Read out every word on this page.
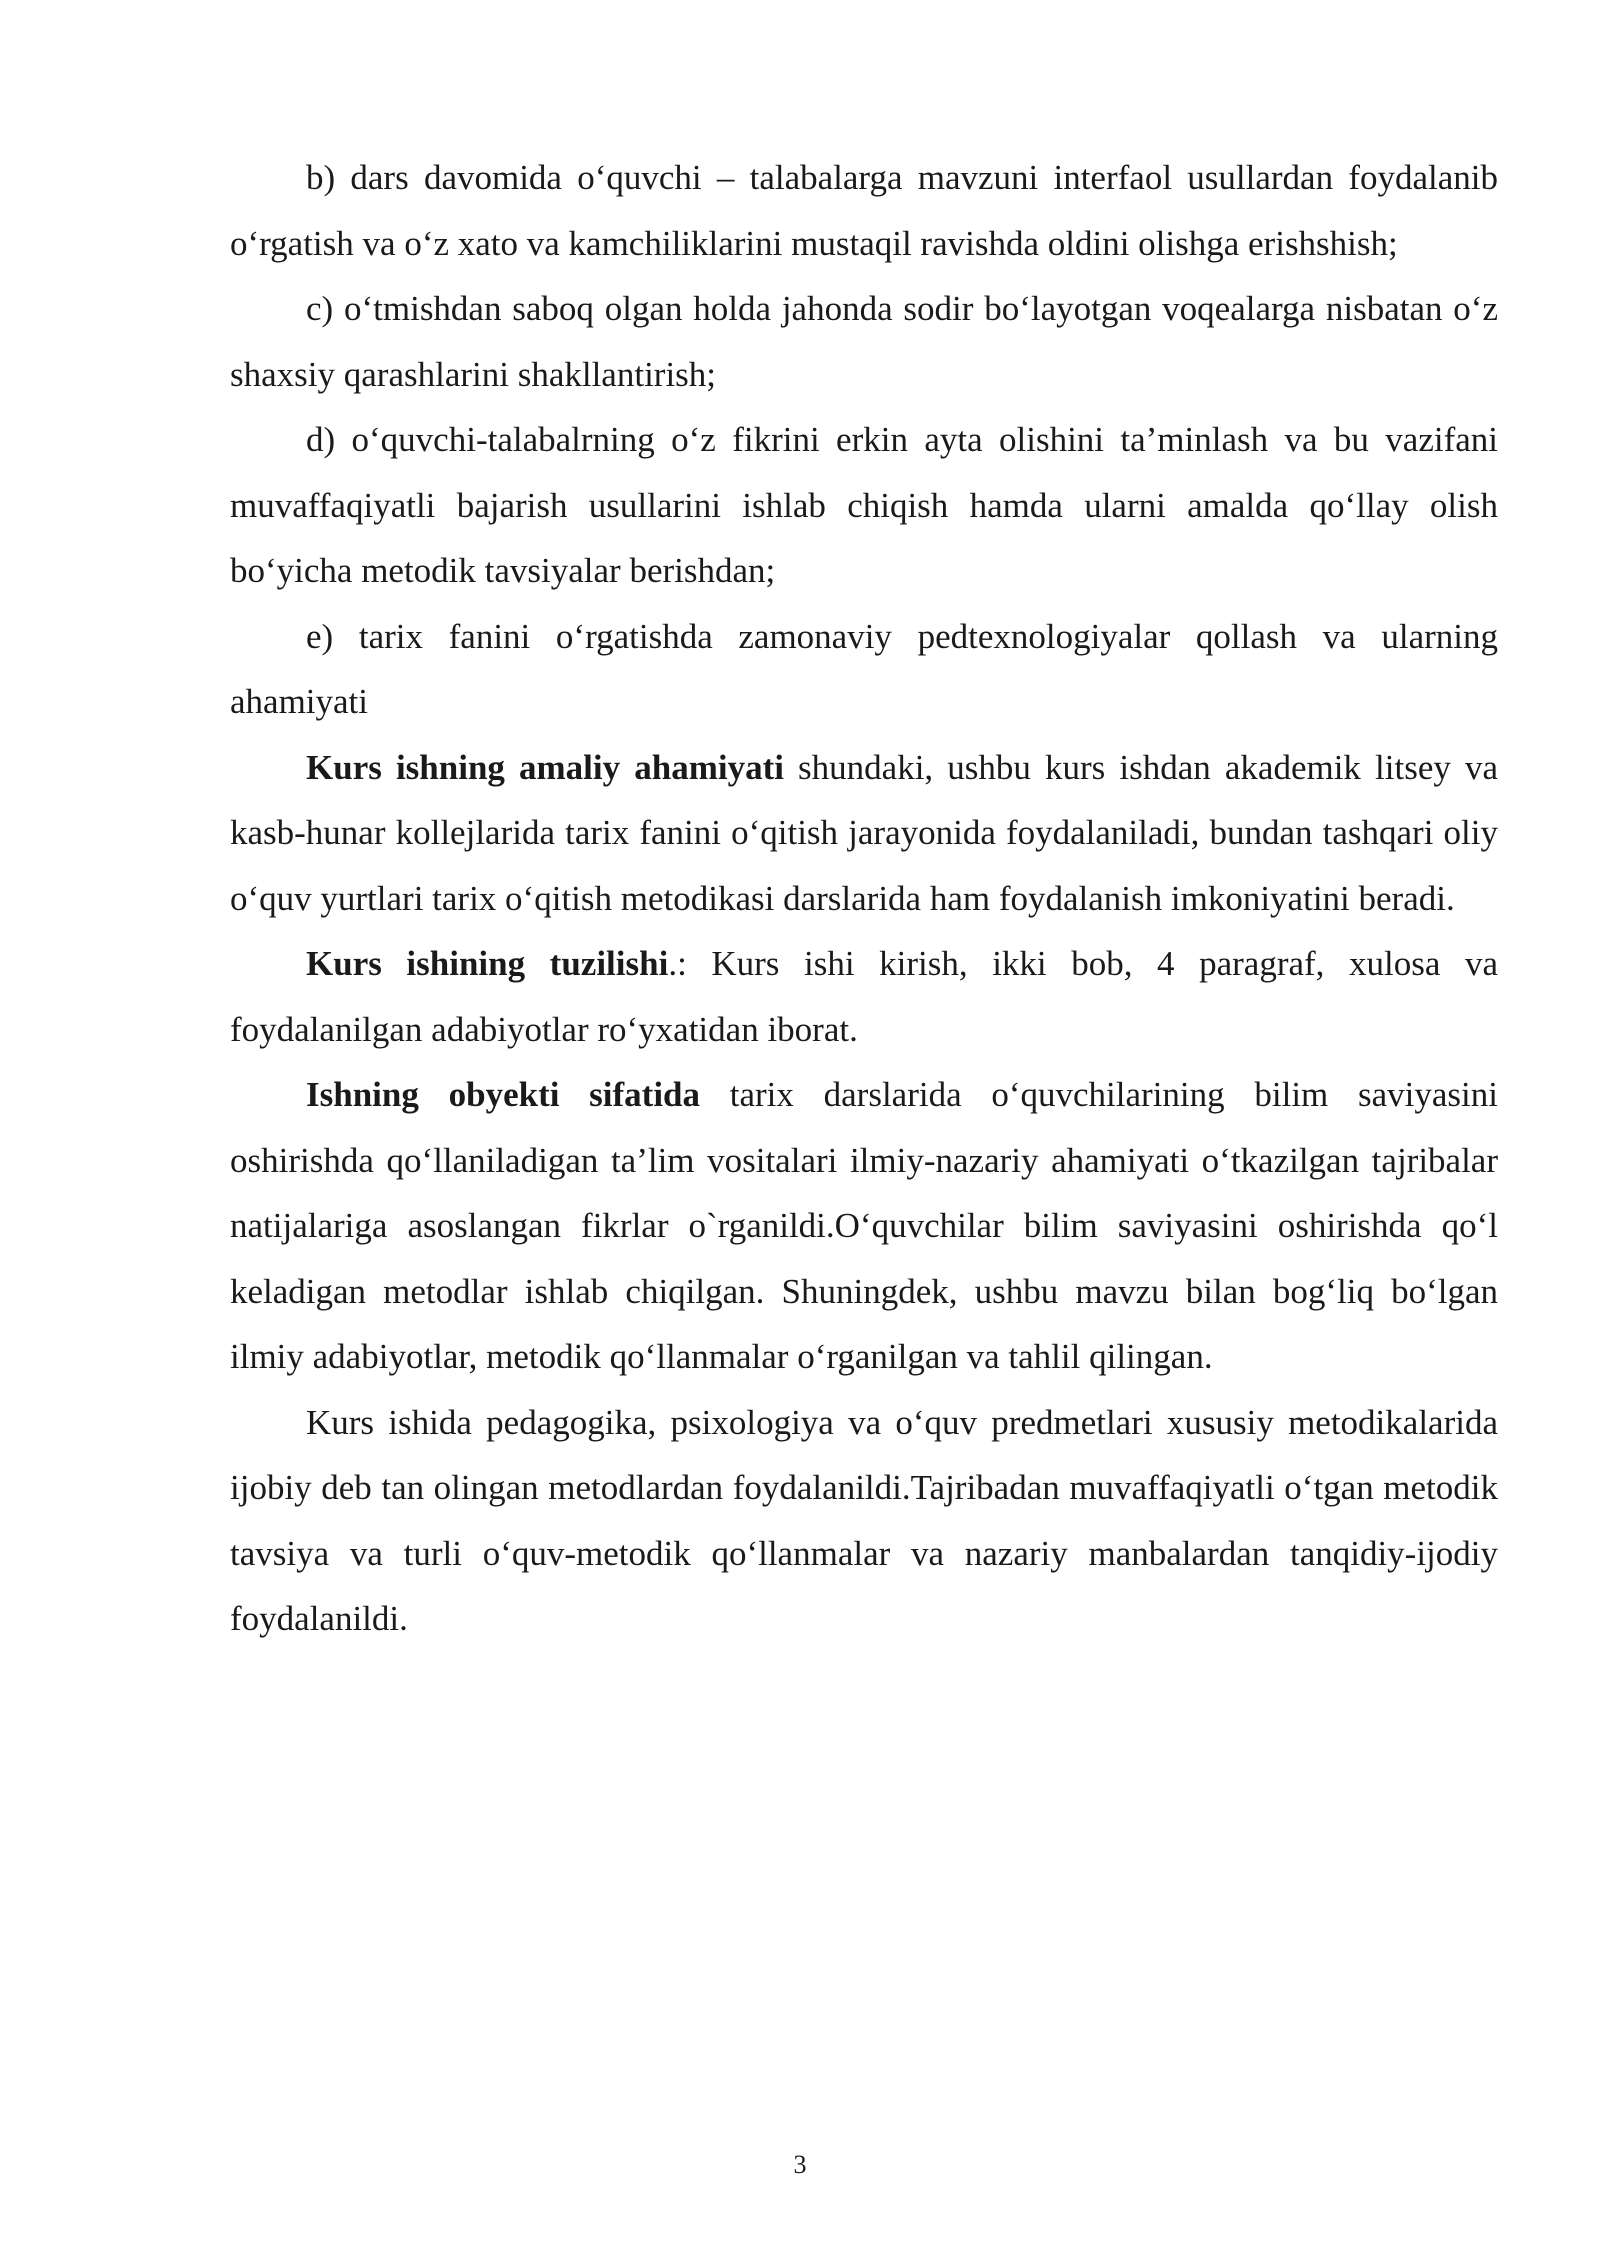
b) dars davomida o‘quvchi – talabalarga mavzuni interfaol usullardan foydalanib o‘rgatish va o‘z xato va kamchiliklarini mustaqil ravishda oldini olishga erishshish;

c) o‘tmishdan saboq olgan holda jahonda sodir bo‘layotgan voqealarga nisbatan o‘z shaxsiy qarashlarini shakllantirish;

d) o‘quvchi-talabalrning o‘z fikrini erkin ayta olishini ta’minlash va bu vazifani muvaffaqiyatli bajarish usullarini ishlab chiqish hamda ularni amalda qo‘llay olish bo‘yicha metodik tavsiyalar berishdan;

e) tarix fanini o‘rgatishda zamonaviy pedtexnologiyalar qollash va ularning ahamiyati

Kurs ishning amaliy ahamiyati shundaki, ushbu kurs ishdan akademik litsey va kasb-hunar kollejlarida tarix fanini o‘qitish jarayonida foydalaniladi, bundan tashqari oliy o‘quv yurtlari tarix o‘qitish metodikasi darslarida ham foydalanish imkoniyatini beradi.

Kurs ishining tuzilishi.: Kurs ishi kirish, ikki bob, 4 paragraf, xulosa va foydalanilgan adabiyotlar ro‘yxatidan iborat.

Ishning obyekti sifatida tarix darslarida o‘quvchilarining bilim saviyasini oshirishda qo‘llaniladigan ta’lim vositalari ilmiy-nazariy ahamiyati o‘tkazilgan tajribalar natijalariga asoslangan fikrlar o`rganildi.O‘quvchilar bilim saviyasini oshirishda qo‘l keladigan metodlar ishlab chiqilgan. Shuningdek, ushbu mavzu bilan bog‘liq bo‘lgan ilmiy adabiyotlar, metodik qo‘llanmalar o‘rganilgan va tahlil qilingan.

Kurs ishida pedagogika, psixologiya va o‘quv predmetlari xususiy metodikalarida ijobiy deb tan olingan metodlardan foydalanildi.Tajribadan muvaffaqiyatli o‘tgan metodik tavsiya va turli o‘quv-metodik qo‘llanmalar va nazariy manbalardan tanqidiy-ijodiy foydalanildi.

3
